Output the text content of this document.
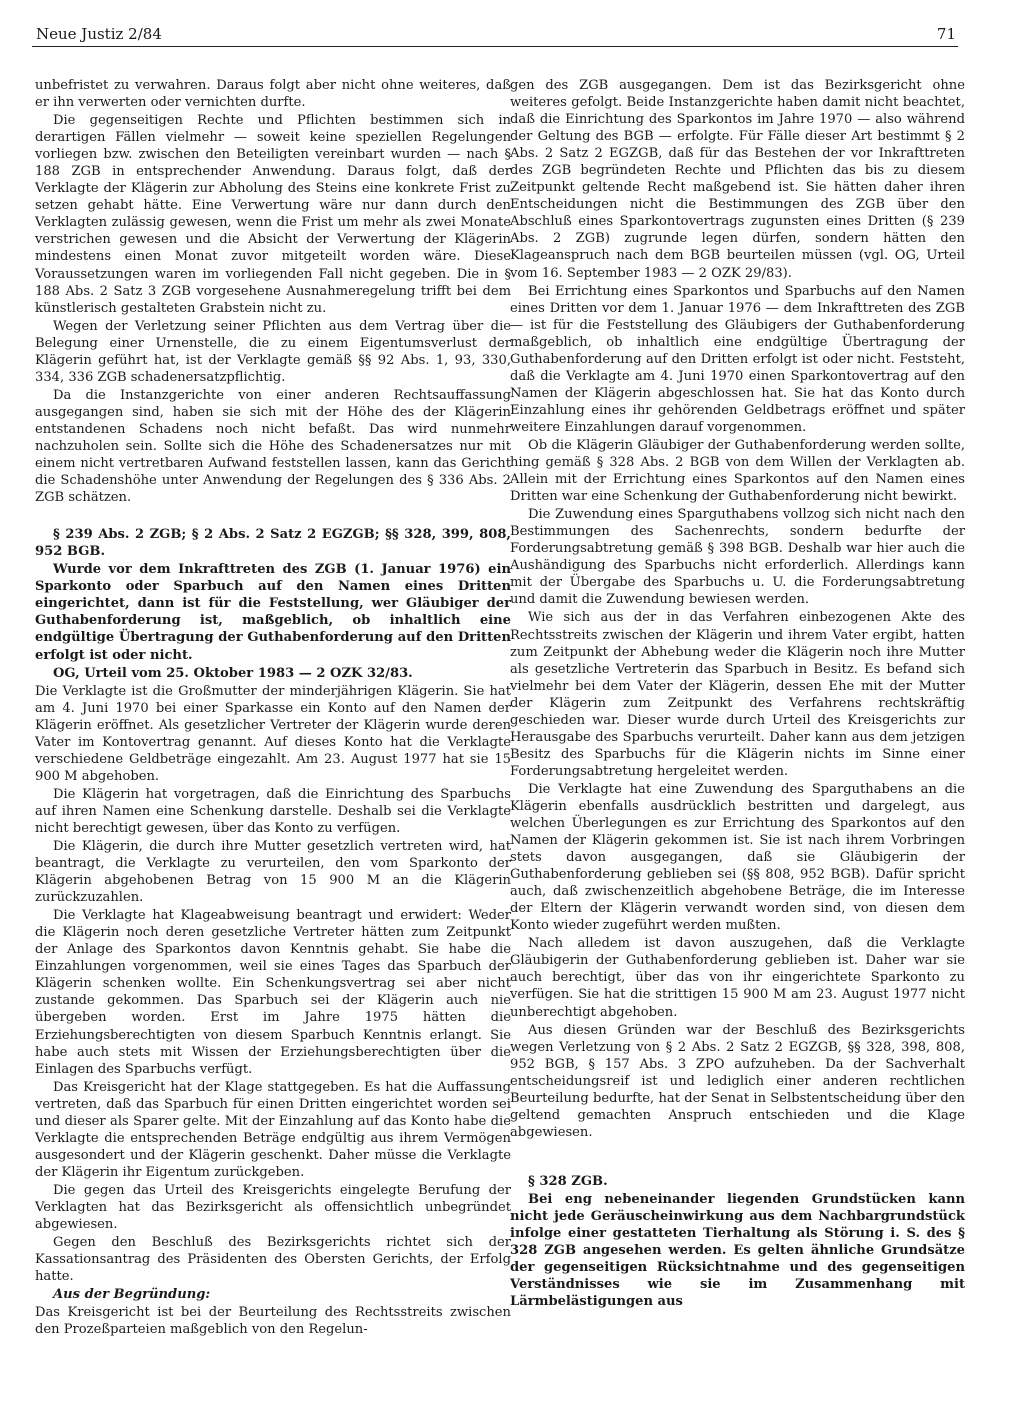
Neue Justiz 2/84	71

unbefristet zu verwahren. Daraus folgt aber nicht ohne weiteres, daß er ihn verwerten oder vernichten durfte.

Die gegenseitigen Rechte und Pflichten bestimmen sich in derartigen Fällen vielmehr — soweit keine speziellen Regelungen vorliegen bzw. zwischen den Beteiligten vereinbart wurden — nach § 188 ZGB in entsprechender Anwendung. Daraus folgt, daß der Verklagte der Klägerin zur Abholung des Steins eine konkrete Frist zu setzen gehabt hätte. Eine Verwertung wäre nur dann durch den Verklagten zulässig gewesen, wenn die Frist um mehr als zwei Monate verstrichen gewesen und die Absicht der Verwertung der Klägerin mindestens einen Monat zuvor mitgeteilt worden wäre. Diese Voraussetzungen waren im vorliegenden Fall nicht gegeben. Die in § 188 Abs. 2 Satz 3 ZGB vorgesehene Ausnahmeregelung trifft bei dem künstlerisch gestalteten Grabstein nicht zu.

Wegen der Verletzung seiner Pflichten aus dem Vertrag über die Belegung einer Urnenstelle, die zu einem Eigentumsverlust der Klägerin geführt hat, ist der Verklagte gemäß §§ 92 Abs. 1, 93, 330, 334, 336 ZGB schadenersatzpflichtig.

Da die Instanzgerichte von einer anderen Rechtsauffassung ausgegangen sind, haben sie sich mit der Höhe des der Klägerin entstandenen Schadens noch nicht befaßt. Das wird nunmehr nachzuholen sein. Sollte sich die Höhe des Schadenersatzes nur mit einem nicht vertretbaren Aufwand feststellen lassen, kann das Gericht die Schadenshöhe unter Anwendung der Regelungen des § 336 Abs. 2 ZGB schätzen.

§ 239 Abs. 2 ZGB; § 2 Abs. 2 Satz 2 EGZGB; §§ 328, 399, 808, 952 BGB.

Wurde vor dem Inkrafttreten des ZGB (1. Januar 1976) ein Sparkonto oder Sparbuch auf den Namen eines Dritten eingerichtet, dann ist für die Feststellung, wer Gläubiger der Guthabenforderung ist, maßgeblich, ob inhaltlich eine endgültige Übertragung der Guthabenforderung auf den Dritten erfolgt ist oder nicht.

OG, Urteil vom 25. Oktober 1983 — 2 OZK 32/83.

Die Verklagte ist die Großmutter der minderjährigen Klägerin. Sie hat am 4. Juni 1970 bei einer Sparkasse ein Konto auf den Namen der Klägerin eröffnet. Als gesetzlicher Vertreter der Klägerin wurde deren Vater im Kontovertrag genannt. Auf dieses Konto hat die Verklagte verschiedene Geldbeträge eingezahlt. Am 23. August 1977 hat sie 15 900 M abgehoben.

Die Klägerin hat vorgetragen, daß die Einrichtung des Sparbuchs auf ihren Namen eine Schenkung darstelle. Deshalb sei die Verklagte nicht berechtigt gewesen, über das Konto zu verfügen.

Die Klägerin, die durch ihre Mutter gesetzlich vertreten wird, hat beantragt, die Verklagte zu verurteilen, den vom Sparkonto der Klägerin abgehobenen Betrag von 15 900 M an die Klägerin zurückzuzahlen.

Die Verklagte hat Klageabweisung beantragt und erwidert: Weder die Klägerin noch deren gesetzliche Vertreter hätten zum Zeitpunkt der Anlage des Sparkontos davon Kenntnis gehabt. Sie habe die Einzahlungen vorgenommen, weil sie eines Tages das Sparbuch der Klägerin schenken wollte. Ein Schenkungsvertrag sei aber nicht zustande gekommen. Das Sparbuch sei der Klägerin auch nie übergeben worden. Erst im Jahre 1975 hätten die Erziehungsberechtigten von diesem Sparbuch Kenntnis erlangt. Sie habe auch stets mit Wissen der Erziehungsberechtigten über die Einlagen des Sparbuchs verfügt.

Das Kreisgericht hat der Klage stattgegeben. Es hat die Auffassung vertreten, daß das Sparbuch für einen Dritten eingerichtet worden sei und dieser als Sparer gelte. Mit der Einzahlung auf das Konto habe die Verklagte die entsprechenden Beträge endgültig aus ihrem Vermögen ausgesondert und der Klägerin geschenkt. Daher müsse die Verklagte der Klägerin ihr Eigentum zurückgeben.

Die gegen das Urteil des Kreisgerichts eingelegte Berufung der Verklagten hat das Bezirksgericht als offensichtlich unbegründet abgewiesen.

Gegen den Beschluß des Bezirksgerichts richtet sich der Kassationsantrag des Präsidenten des Obersten Gerichts, der Erfolg hatte.

Aus der Begründung:

Das Kreisgericht ist bei der Beurteilung des Rechtsstreits zwischen den Prozeßparteien maßgeblich von den Regelun-

gen des ZGB ausgegangen. Dem ist das Bezirksgericht ohne weiteres gefolgt. Beide Instanzgerichte haben damit nicht beachtet, daß die Einrichtung des Sparkontos im Jahre 1970 — also während der Geltung des BGB — erfolgte. Für Fälle dieser Art bestimmt § 2 Abs. 2 Satz 2 EGZGB, daß für das Bestehen der vor Inkrafttreten des ZGB begründeten Rechte und Pflichten das bis zu diesem Zeitpunkt geltende Recht maßgebend ist. Sie hätten daher ihren Entscheidungen nicht die Bestimmungen des ZGB über den Abschluß eines Sparkontovertrags zugunsten eines Dritten (§ 239 Abs. 2 ZGB) zugrunde legen dürfen, sondern hätten den Klageanspruch nach dem BGB beurteilen müssen (vgl. OG, Urteil vom 16. September 1983 — 2 OZK 29/83).

Bei Errichtung eines Sparkontos und Sparbuchs auf den Namen eines Dritten vor dem 1. Januar 1976 — dem Inkrafttreten des ZGB — ist für die Feststellung des Gläubigers der Guthabenforderung maßgeblich, ob inhaltlich eine endgültige Übertragung der Guthabenforderung auf den Dritten erfolgt ist oder nicht. Feststeht, daß die Verklagte am 4. Juni 1970 einen Sparkontovertrag auf den Namen der Klägerin abgeschlossen hat. Sie hat das Konto durch Einzahlung eines ihr gehörenden Geldbetrags eröffnet und später weitere Einzahlungen darauf vorgenommen.

Ob die Klägerin Gläubiger der Guthabenforderung werden sollte, hing gemäß § 328 Abs. 2 BGB von dem Willen der Verklagten ab. Allein mit der Errichtung eines Sparkontos auf den Namen eines Dritten war eine Schenkung der Guthabenforderung nicht bewirkt.

Die Zuwendung eines Sparguthabens vollzog sich nicht nach den Bestimmungen des Sachenrechts, sondern bedurfte der Forderungsabtretung gemäß § 398 BGB. Deshalb war hier auch die Aushändigung des Sparbuchs nicht erforderlich. Allerdings kann mit der Übergabe des Sparbuchs u. U. die Forderungsabtretung und damit die Zuwendung bewiesen werden.

Wie sich aus der in das Verfahren einbezogenen Akte des Rechtsstreits zwischen der Klägerin und ihrem Vater ergibt, hatten zum Zeitpunkt der Abhebung weder die Klägerin noch ihre Mutter als gesetzliche Vertreterin das Sparbuch in Besitz. Es befand sich vielmehr bei dem Vater der Klägerin, dessen Ehe mit der Mutter der Klägerin zum Zeitpunkt des Verfahrens rechtskräftig geschieden war. Dieser wurde durch Urteil des Kreisgerichts zur Herausgabe des Sparbuchs verurteilt. Daher kann aus dem jetzigen Besitz des Sparbuchs für die Klägerin nichts im Sinne einer Forderungsabtretung hergeleitet werden.

Die Verklagte hat eine Zuwendung des Sparguthabens an die Klägerin ebenfalls ausdrücklich bestritten und dargelegt, aus welchen Überlegungen es zur Errichtung des Sparkontos auf den Namen der Klägerin gekommen ist. Sie ist nach ihrem Vorbringen stets davon ausgegangen, daß sie Gläubigerin der Guthabenforderung geblieben sei (§§ 808, 952 BGB). Dafür spricht auch, daß zwischenzeitlich abgehobene Beträge, die im Interesse der Eltern der Klägerin verwandt worden sind, von diesen dem Konto wieder zugeführt werden mußten.

Nach alledem ist davon auszugehen, daß die Verklagte Gläubigerin der Guthabenforderung geblieben ist. Daher war sie auch berechtigt, über das von ihr eingerichtete Sparkonto zu verfügen. Sie hat die strittigen 15 900 M am 23. August 1977 nicht unberechtigt abgehoben.

Aus diesen Gründen war der Beschluß des Bezirksgerichts wegen Verletzung von § 2 Abs. 2 Satz 2 EGZGB, §§ 328, 398, 808, 952 BGB, § 157 Abs. 3 ZPO aufzuheben. Da der Sachverhalt entscheidungsreif ist und lediglich einer anderen rechtlichen Beurteilung bedurfte, hat der Senat in Selbstentscheidung über den geltend gemachten Anspruch entschieden und die Klage abgewiesen.

§ 328 ZGB.

Bei eng nebeneinander liegenden Grundstücken kann nicht jede Geräuscheinwirkung aus dem Nachbargrundstück infolge einer gestatteten Tierhaltung als Störung i. S. des § 328 ZGB angesehen werden. Es gelten ähnliche Grundsätze der gegenseitigen Rücksichtnahme und des gegenseitigen Verständnisses wie sie im Zusammenhang mit Lärmbelästigungen aus
